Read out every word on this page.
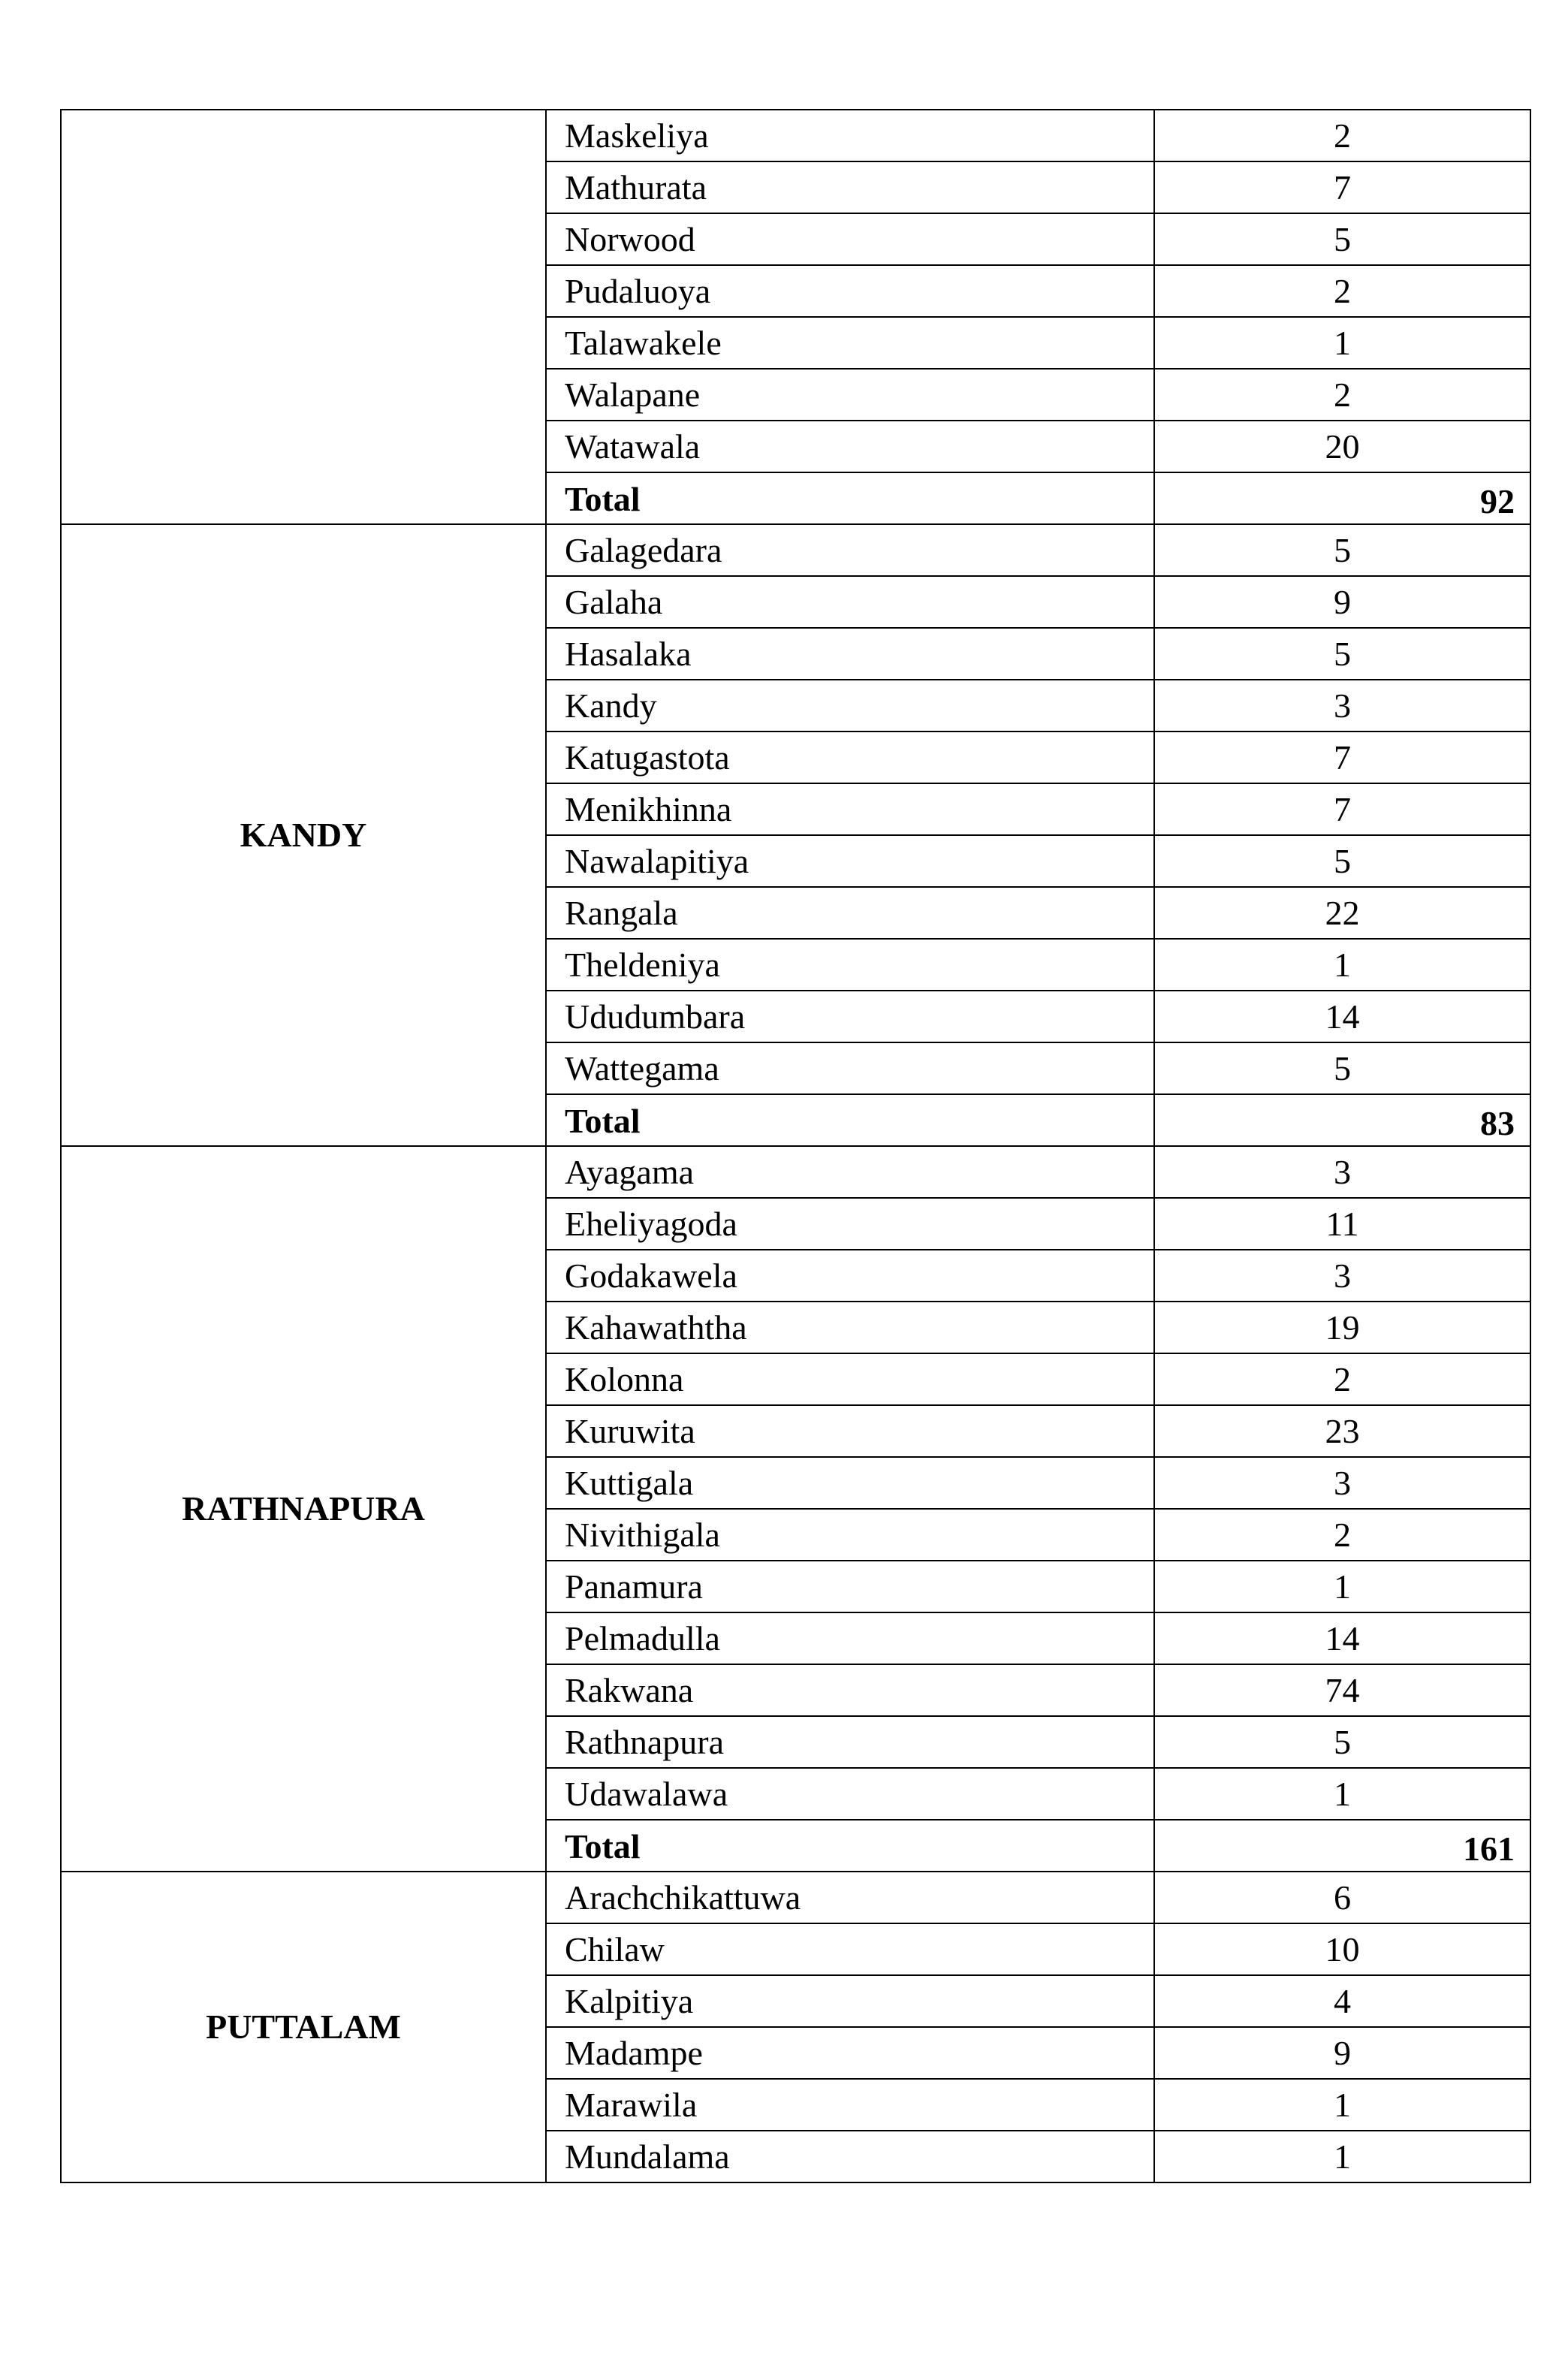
	Maskeliya	2
	Mathurata	7
	Norwood	5
	Pudaluoya	2
	Talawakele	1
	Walapane	2
	Watawala	20
	Total	92
KANDY	Galagedara	5
	Galaha	9
	Hasalaka	5
	Kandy	3
	Katugastota	7
	Menikhinna	7
	Nawalapitiya	5
	Rangala	22
	Theldeniya	1
	Ududumbara	14
	Wattegama	5
	Total	83
RATHNAPURA	Ayagama	3
	Eheliyagoda	11
	Godakawela	3
	Kahawaththa	19
	Kolonna	2
	Kuruwita	23
	Kuttigala	3
	Nivithigala	2
	Panamura	1
	Pelmadulla	14
	Rakwana	74
	Rathnapura	5
	Udawalawa	1
	Total	161
PUTTALAM	Arachchikattuwa	6
	Chilaw	10
	Kalpitiya	4
	Madampe	9
	Marawila	1
	Mundalama	1
